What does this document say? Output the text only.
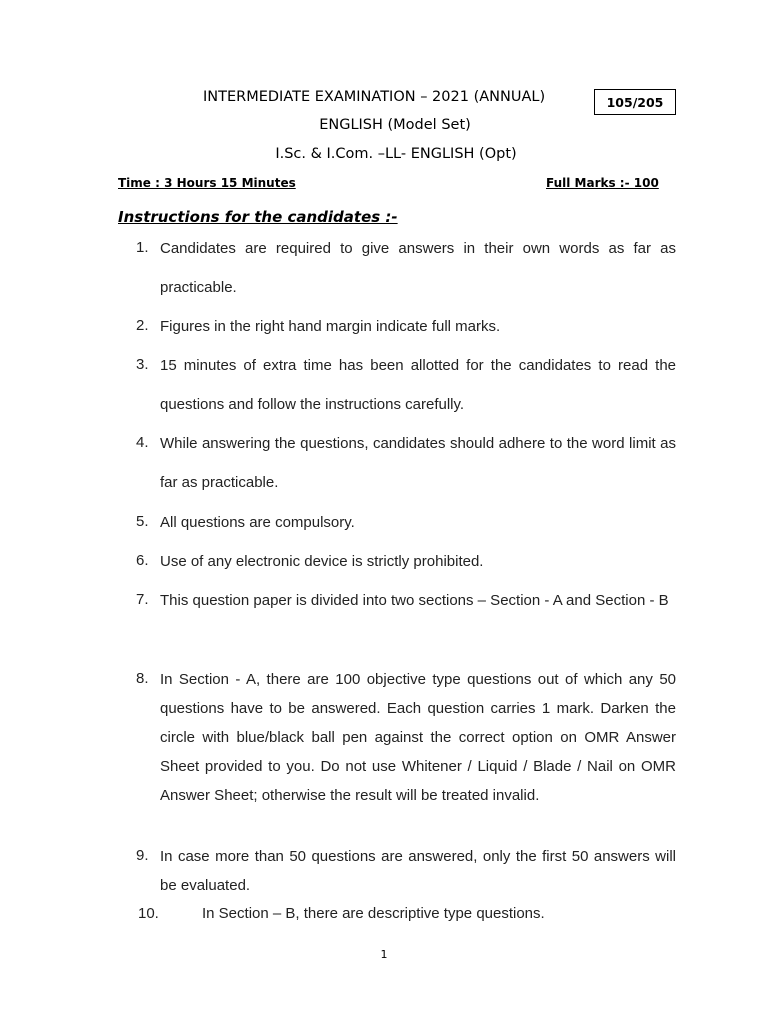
INTERMEDIATE EXAMINATION – 2021 (ANNUAL)	105/205
ENGLISH (Model Set)
I.Sc. & I.Com. –LL- ENGLISH (Opt)
Time : 3 Hours 15 Minutes	Full Marks :- 100
Instructions for the candidates :-
1. Candidates are required to give answers in their own words as far as practicable.
2. Figures in the right hand margin indicate full marks.
3. 15 minutes of extra time has been allotted for the candidates to read the questions and follow the instructions carefully.
4. While answering the questions, candidates should adhere to the word limit as far as practicable.
5. All questions are compulsory.
6. Use of any electronic device is strictly prohibited.
7. This question paper is divided into two sections – Section - A and Section - B
8. In Section - A, there are 100 objective type questions out of which any 50 questions have to be answered. Each question carries 1 mark. Darken the circle with blue/black ball pen against the correct option on OMR Answer Sheet provided to you. Do not use Whitener / Liquid / Blade / Nail on OMR Answer Sheet; otherwise the result will be treated invalid.
9. In case more than 50 questions are answered, only the first 50 answers will be evaluated.
10.	In Section – B, there are descriptive type questions.
1
